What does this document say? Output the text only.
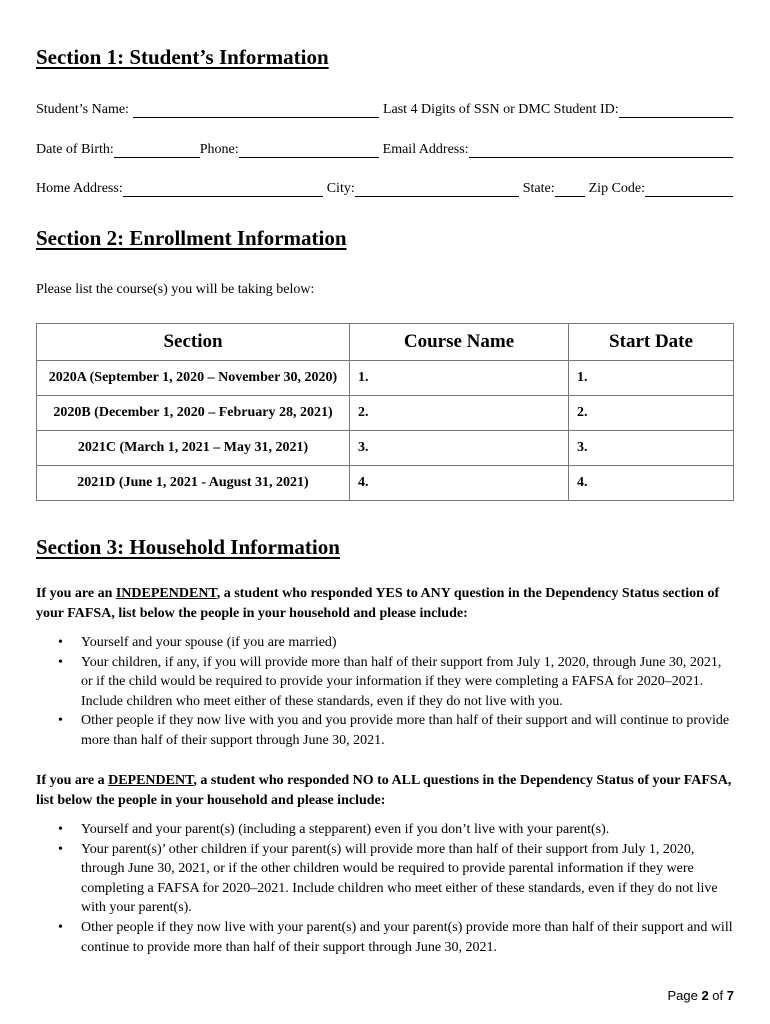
Section 1: Student’s Information
Student’s Name:	Last 4 Digits of SSN or DMC Student ID:
Date of Birth:	Phone:	Email Address:
Home Address:	City:	State: Zip Code:
Section 2: Enrollment Information
Please list the course(s) you will be taking below:
Section	Course Name	Start Date
2020A (September 1, 2020 – November 30, 2020)	1.	1.
2020B (December 1, 2020 – February 28, 2021)	2.	2.
2021C (March 1, 2021 – May 31, 2021)	3.	3.
2021D (June 1, 2021 - August 31, 2021)	4.	4.
Section 3: Household Information

If you are an INDEPENDENT, a student who responded YES to ANY question in the Dependency Status section of your FAFSA, list below the people in your household and please include:

• Yourself and your spouse (if you are married)
• Your children, if any, if you will provide more than half of their support from July 1, 2020, through June 30, 2021, or if the child would be required to provide your information if they were completing a FAFSA for 2020–2021. Include children who meet either of these standards, even if they do not live with you.
• Other people if they now live with you and you provide more than half of their support and will continue to provide more than half of their support through June 30, 2021.

If you are a DEPENDENT, a student who responded NO to ALL questions in the Dependency Status of your FAFSA, list below the people in your household and please include:

• Yourself and your parent(s) (including a stepparent) even if you don’t live with your parent(s).
• Your parent(s)’ other children if your parent(s) will provide more than half of their support from July 1, 2020, through June 30, 2021, or if the other children would be required to provide parental information if they were completing a FAFSA for 2020–2021. Include children who meet either of these standards, even if they do not live with your parent(s).
• Other people if they now live with your parent(s) and your parent(s) provide more than half of their support and will continue to provide more than half of their support through June 30, 2021.
Page 2 of 7
